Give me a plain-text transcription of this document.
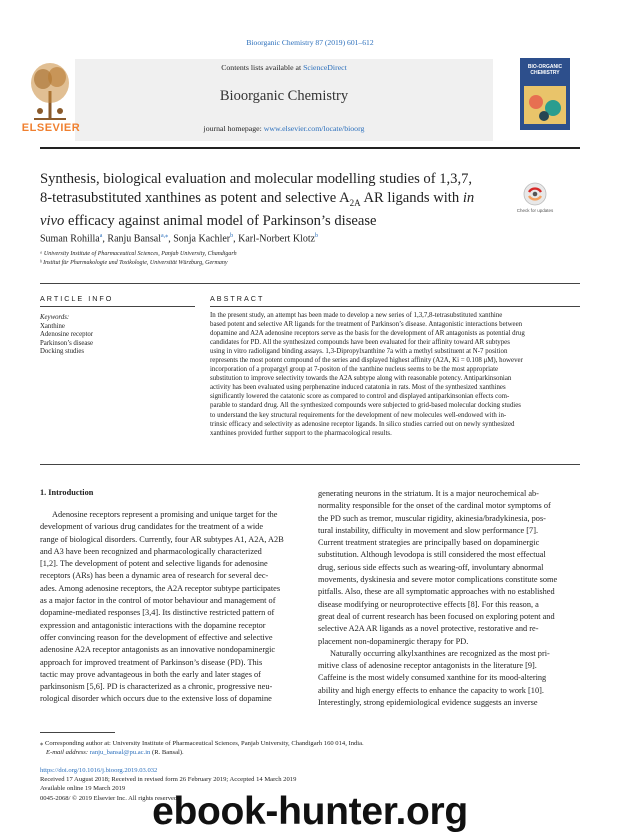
Bioorganic Chemistry 87 (2019) 601–612
Contents lists available at ScienceDirect
Bioorganic Chemistry
journal homepage: www.elsevier.com/locate/bioorg
ELSEVIER
BIO-ORGANIC CHEMISTRY
Synthesis, biological evaluation and molecular modelling studies of 1,3,7,
8-tetrasubstituted xanthines as potent and selective $A_{2A}$ AR ligands with in
vivo efficacy against animal model of Parkinson’s disease
Check for updates
Suman Rohilla$^a$, Ranju Bansal$^{a,⁎}$, Sonja Kachler$^b$, Karl-Norbert Klotz$^b$
ᵃ University Institute of Pharmaceutical Sciences, Panjab University, Chandigarh
ᵇ Institut für Pharmakologie und Toxikologie, Universität Würzburg, Germany
ARTICLE INFO	ABSTRACT
Keywords:
Xanthine
Adenosine receptor
Parkinson’s disease
Docking studies
In the present study, an attempt has been made to develop a new series of 1,3,7,8-tetrasubstituted xanthine
based potent and selective AR ligands for the treatment of Parkinson’s disease. Antagonistic interactions between
dopamine and A2A adenosine receptors serve as the basis for the development of AR antagonists as potential drug
candidates for PD. All the synthesized compounds have been evaluated for their affinity toward AR subtypes
using in vitro radioligand binding assays. 1,3-Dipropylxanthine 7a with a methyl substituent at N-7 position
represents the most potent compound of the series and displayed highest affinity (A2A, Ki = 0.108 μM), however
incorporation of a propargyl group at 7-positon of the xanthine nucleus seems to be the most appropriate
substitution to improve selectivity towards the A2A subtype along with reasonable potency. Antiparkinsonian
activity has been evaluated using perphenazine induced catatonia in rats. Most of the synthesized xanthines
significantly lowered the catatonic score as compared to control and displayed antiparkinsonian effects com-
parable to standard drug. All the synthesized compounds were subjected to grid-based molecular docking studies
to understand the key structural requirements for the development of new molecules well-endowed with in-
trinsic efficacy and selectivity as adenosine receptor ligands. In silico studies carried out on newly synthesized
xanthines provided further support to the pharmacological results.
1. Introduction
Adenosine receptors represent a promising and unique target for the
development of various drug candidates for the treatment of a wide
range of biological disorders. Currently, four AR subtypes A1, A2A, A2B
and A3 have been recognized and pharmacologically characterized
[1,2]. The development of potent and selective ligands for adenosine
receptors (ARs) has been a dynamic area of research for several dec-
ades. Among adenosine receptors, the A2A receptor subtype participates
as a major factor in the control of motor behaviour and management of
dopamine-mediated responses [3,4]. Its distinctive restricted pattern of
expression and antagonistic interactions with the dopamine receptor
offer convincing reason for the development of effective and selective
adenosine A2A receptor antagonists as an innovative nondopaminergic
approach for improved treatment of Parkinson’s disease (PD). This
tactic may prove advantageous in both the early and later stages of
parkinsonism [5,6]. PD is characterized as a chronic, progressive neu-
rological disorder which occurs due to the extensive loss of dopamine
generating neurons in the striatum. It is a major neurochemical ab-
normality responsible for the onset of the cardinal motor symptoms of
the PD such as tremor, muscular rigidity, akinesia/bradykinesia, pos-
tural instability, difficulty in movement and slow performance [7].
Current treatment strategies are principally based on dopaminergic
substitution. Although levodopa is still considered the most effectual
drug, serious side effects such as wearing-off, involuntary abnormal
movements, dyskinesia and severe motor complications constitute some
pitfalls. Also, these are all symptomatic approaches with no established
disease modifying or neuroprotective effects [8]. For this reason, a
great deal of current research has been focused on exploring potent and
selective A2A AR ligands as a novel protective, restorative and re-
placement non-dopaminergic therapy for PD.
Naturally occurring alkylxanthines are recognized as the most pri-
mitive class of adenosine receptor antagonists in the literature [9].
Caffeine is the most widely consumed xanthine for its mood-altering
ability and high energy effects to enhance the capacity to work [10].
Interestingly, strong epidemiological evidence suggests an inverse
⁎ Corresponding author at: University Institute of Pharmaceutical Sciences, Panjab University, Chandigarh 160 014, India.
E-mail address: ranju_bansal@pu.ac.in (R. Bansal).
https://doi.org/10.1016/j.bioorg.2019.03.032
Received 17 August 2018; Received in revised form 26 February 2019; Accepted 14 March 2019
Available online 19 March 2019
0045-2068/ © 2019 Elsevier Inc. All rights reserved.
ebook-hunter.org
